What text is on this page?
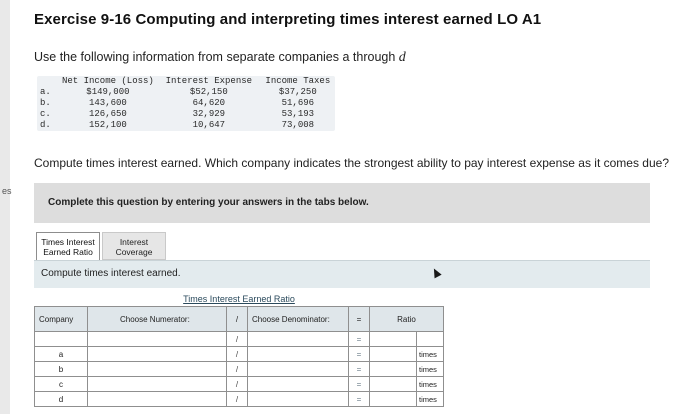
es
Exercise 9-16 Computing and interpreting times interest earned LO A1
Use the following information from separate companies a through d
	Net Income (Loss)	Interest Expense	Income Taxes
a.	$149,000	$52,150	$37,250
b.	143,600	64,620	51,696
c.	126,650	32,929	53,193
d.	152,100	10,647	73,008
Compute times interest earned. Which company indicates the strongest ability to pay interest expense as it comes due?
Complete this question by entering your answers in the tabs below.
Times Interest
Earned Ratio
Interest
Coverage
Compute times interest earned.
Times Interest Earned Ratio						
Company	Choose Numerator:	/	Choose Denominator:	=	Ratio	
		/		=		
a		/		=		times
b		/		=		times
c		/		=		times
d		/		=		times
